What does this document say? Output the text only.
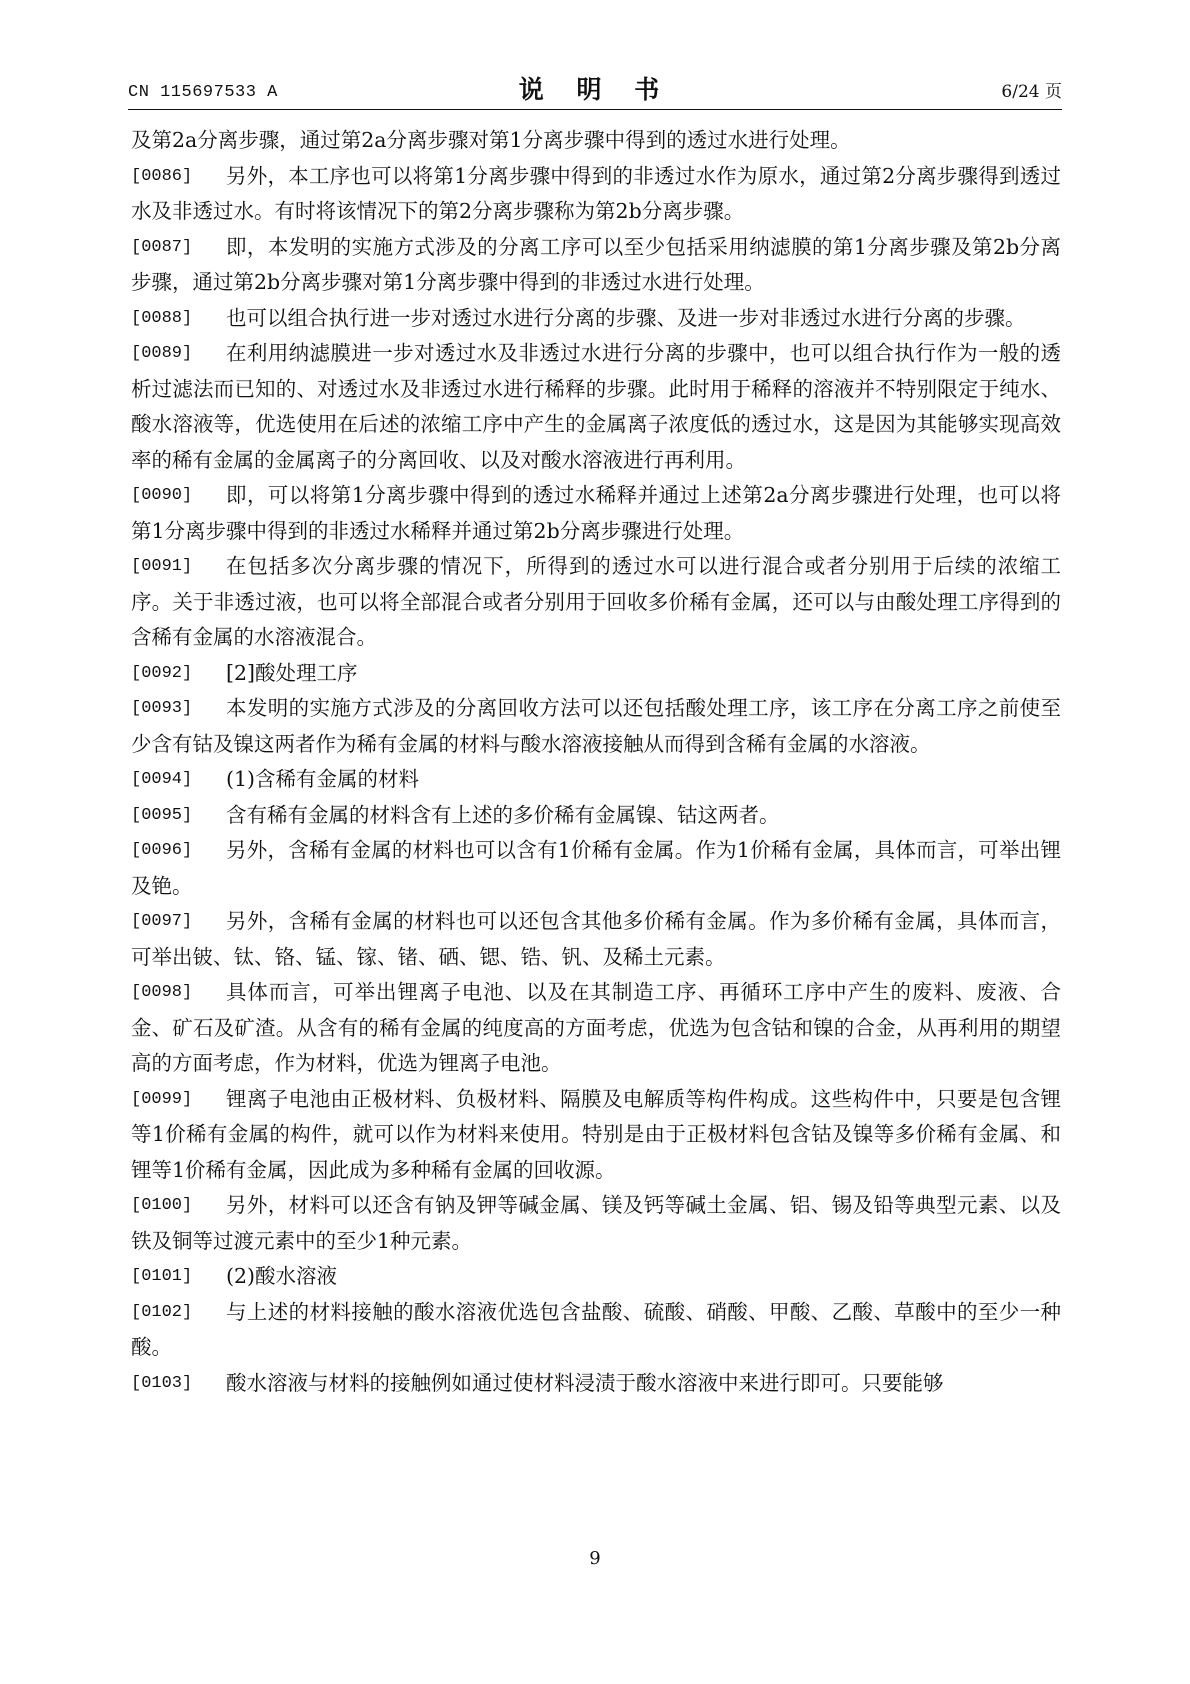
CN 115697533 A	说 明 书	6/24 页

及第2a分离步骤，通过第2a分离步骤对第1分离步骤中得到的透过水进行处理。

[0086] 另外，本工序也可以将第1分离步骤中得到的非透过水作为原水，通过第2分离步骤得到透过水及非透过水。有时将该情况下的第2分离步骤称为第2b分离步骤。

[0087] 即，本发明的实施方式涉及的分离工序可以至少包括采用纳滤膜的第1分离步骤及第2b分离步骤，通过第2b分离步骤对第1分离步骤中得到的非透过水进行处理。

[0088] 也可以组合执行进一步对透过水进行分离的步骤、及进一步对非透过水进行分离的步骤。

[0089] 在利用纳滤膜进一步对透过水及非透过水进行分离的步骤中，也可以组合执行作为一般的透析过滤法而已知的、对透过水及非透过水进行稀释的步骤。此时用于稀释的溶液并不特别限定于纯水、酸水溶液等，优选使用在后述的浓缩工序中产生的金属离子浓度低的透过水，这是因为其能够实现高效率的稀有金属的金属离子的分离回收、以及对酸水溶液进行再利用。

[0090] 即，可以将第1分离步骤中得到的透过水稀释并通过上述第2a分离步骤进行处理，也可以将第1分离步骤中得到的非透过水稀释并通过第2b分离步骤进行处理。

[0091] 在包括多次分离步骤的情况下，所得到的透过水可以进行混合或者分别用于后续的浓缩工序。关于非透过液，也可以将全部混合或者分别用于回收多价稀有金属，还可以与由酸处理工序得到的含稀有金属的水溶液混合。

[0092] [2]酸处理工序

[0093] 本发明的实施方式涉及的分离回收方法可以还包括酸处理工序，该工序在分离工序之前使至少含有钴及镍这两者作为稀有金属的材料与酸水溶液接触从而得到含稀有金属的水溶液。

[0094] (1)含稀有金属的材料

[0095] 含有稀有金属的材料含有上述的多价稀有金属镍、钴这两者。

[0096] 另外，含稀有金属的材料也可以含有1价稀有金属。作为1价稀有金属，具体而言，可举出锂及铯。

[0097] 另外，含稀有金属的材料也可以还包含其他多价稀有金属。作为多价稀有金属，具体而言，可举出铍、钛、铬、锰、镓、锗、硒、锶、锆、钒、及稀土元素。

[0098] 具体而言，可举出锂离子电池、以及在其制造工序、再循环工序中产生的废料、废液、合金、矿石及矿渣。从含有的稀有金属的纯度高的方面考虑，优选为包含钴和镍的合金，从再利用的期望高的方面考虑，作为材料，优选为锂离子电池。

[0099] 锂离子电池由正极材料、负极材料、隔膜及电解质等构件构成。这些构件中，只要是包含锂等1价稀有金属的构件，就可以作为材料来使用。特别是由于正极材料包含钴及镍等多价稀有金属、和锂等1价稀有金属，因此成为多种稀有金属的回收源。

[0100] 另外，材料可以还含有钠及钾等碱金属、镁及钙等碱土金属、铝、锡及铅等典型元素、以及铁及铜等过渡元素中的至少1种元素。

[0101] (2)酸水溶液

[0102] 与上述的材料接触的酸水溶液优选包含盐酸、硫酸、硝酸、甲酸、乙酸、草酸中的至少一种酸。

[0103] 酸水溶液与材料的接触例如通过使材料浸渍于酸水溶液中来进行即可。只要能够

9
